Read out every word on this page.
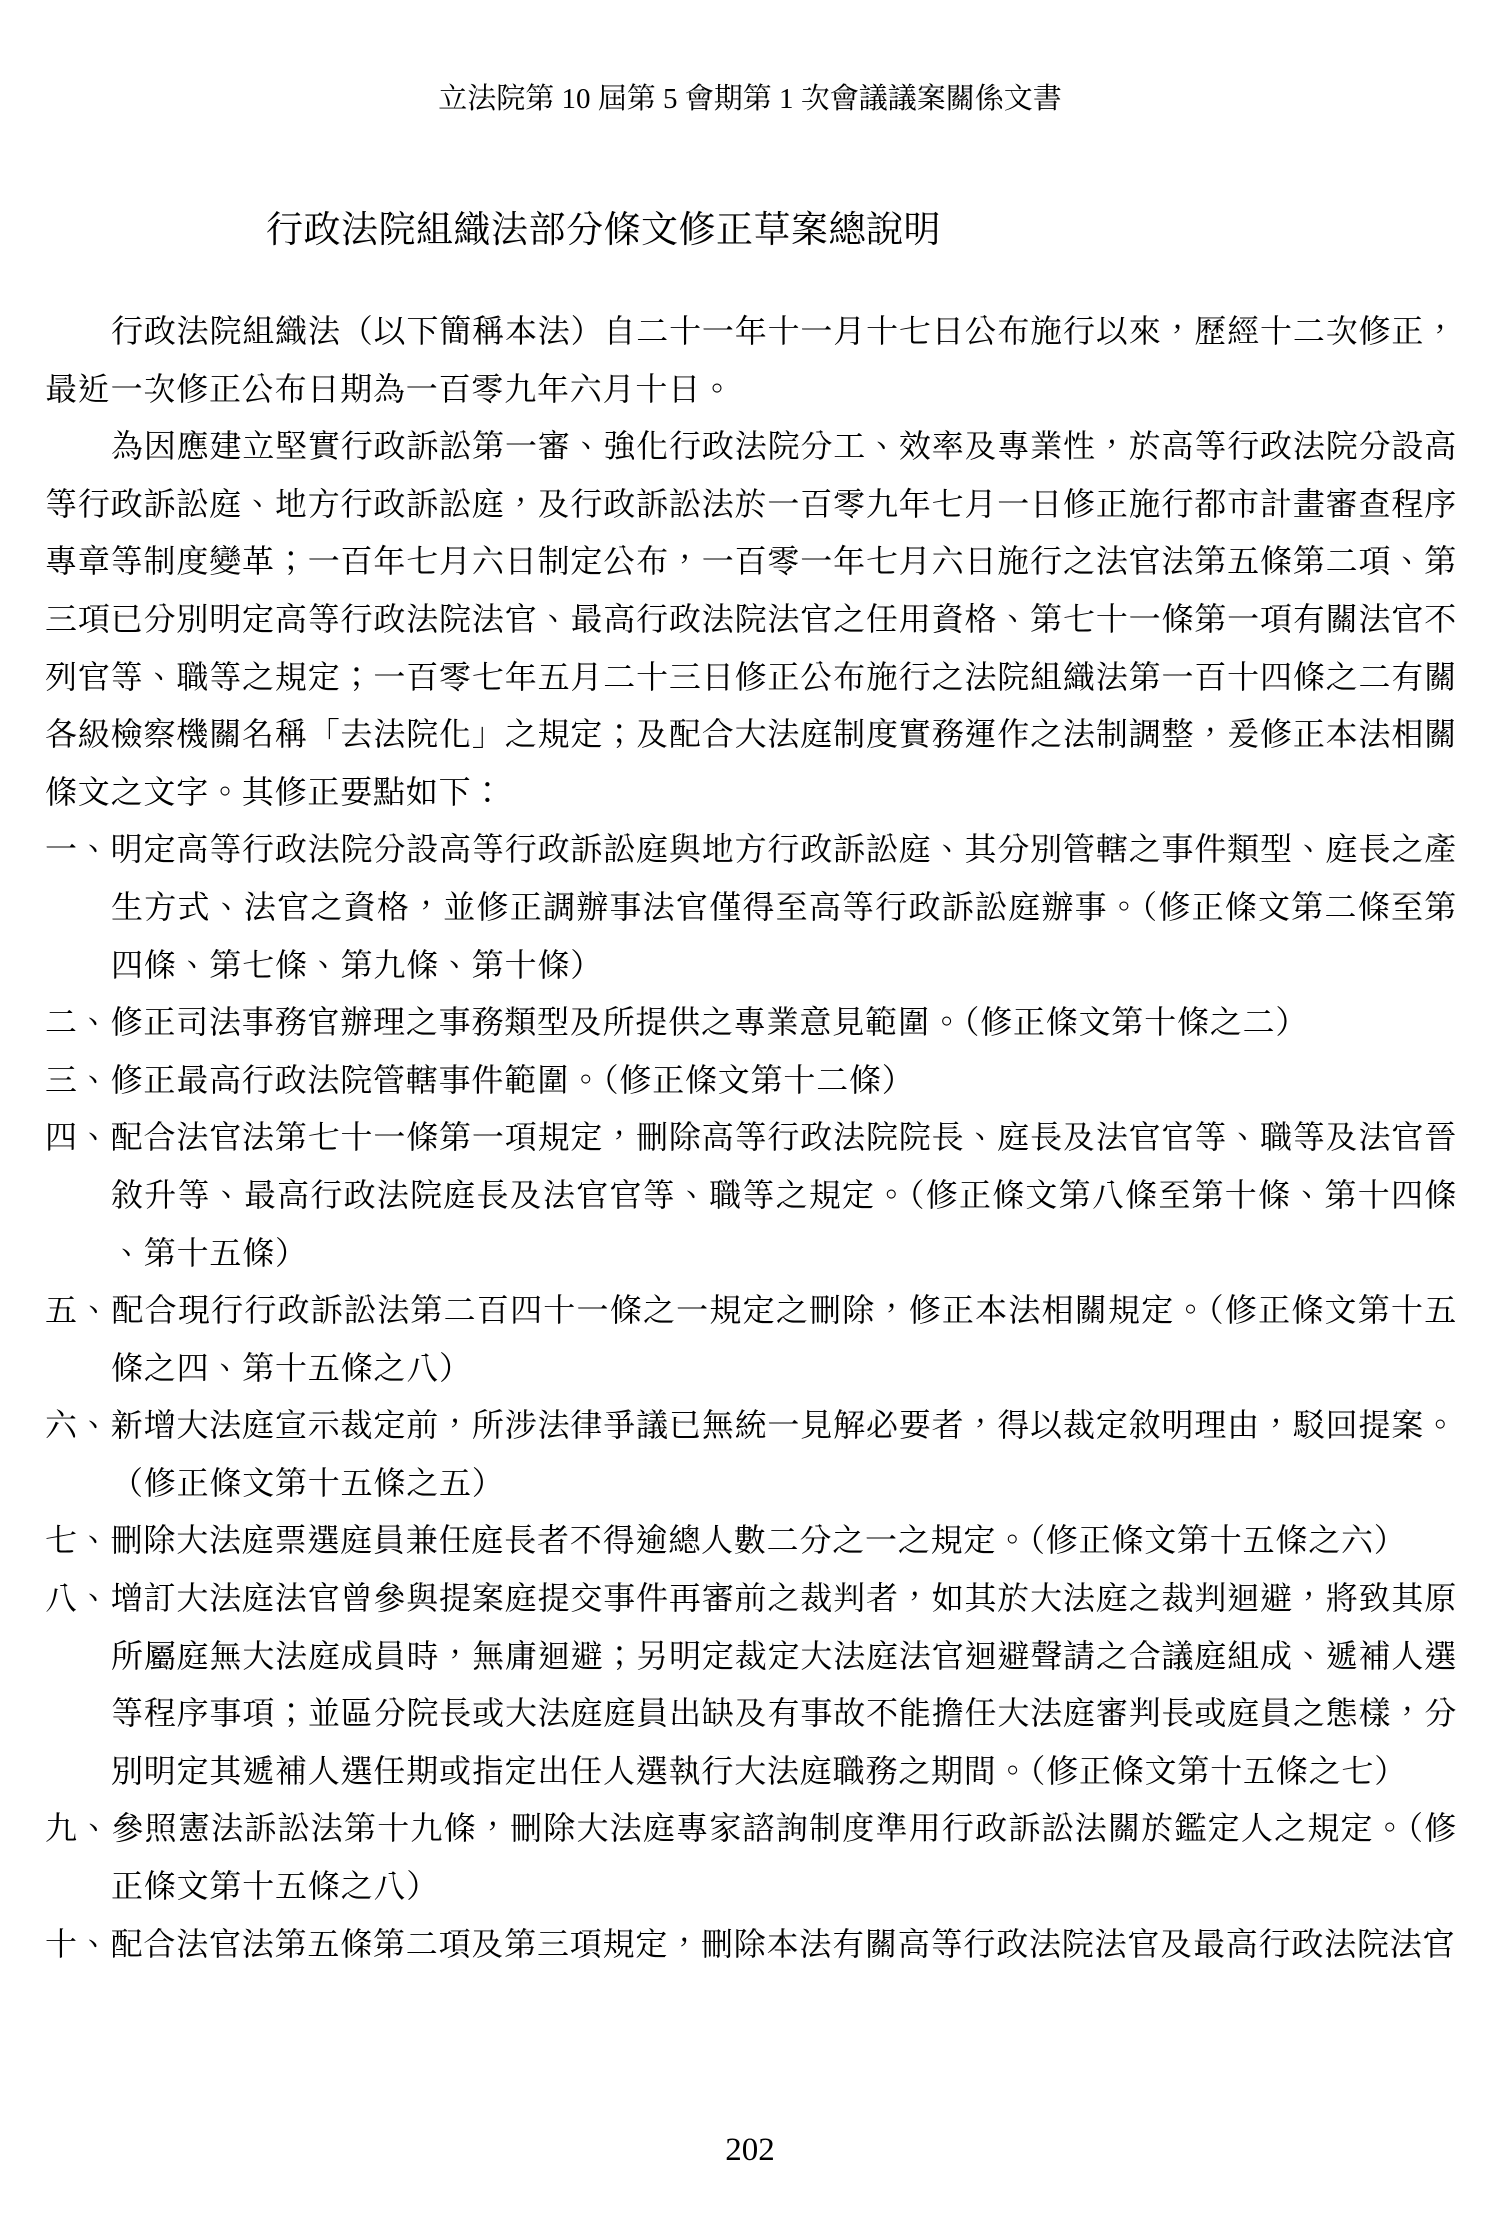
立法院第 10 屆第 5 會期第 1 次會議議案關係文書
行政法院組織法部分條文修正草案總說明

行政法院組織法（以下簡稱本法）自二十一年十一月十七日公布施行以來，歷經十二次修正，最近一次修正公布日期為一百零九年六月十日。

為因應建立堅實行政訴訟第一審、強化行政法院分工、效率及專業性，於高等行政法院分設高等行政訴訟庭、地方行政訴訟庭，及行政訴訟法於一百零九年七月一日修正施行都市計畫審查程序專章等制度變革；一百年七月六日制定公布，一百零一年七月六日施行之法官法第五條第二項、第三項已分別明定高等行政法院法官、最高行政法院法官之任用資格、第七十一條第一項有關法官不列官等、職等之規定；一百零七年五月二十三日修正公布施行之法院組織法第一百十四條之二有關各級檢察機關名稱「去法院化」之規定；及配合大法庭制度實務運作之法制調整，爰修正本法相關條文之文字。其修正要點如下：

一、明定高等行政法院分設高等行政訴訟庭與地方行政訴訟庭、其分別管轄之事件類型、庭長之產生方式、法官之資格，並修正調辦事法官僅得至高等行政訴訟庭辦事。（修正條文第二條至第四條、第七條、第九條、第十條）

二、修正司法事務官辦理之事務類型及所提供之專業意見範圍。（修正條文第十條之二）

三、修正最高行政法院管轄事件範圍。（修正條文第十二條）

四、配合法官法第七十一條第一項規定，刪除高等行政法院院長、庭長及法官官等、職等及法官晉敘升等、最高行政法院庭長及法官官等、職等之規定。（修正條文第八條至第十條、第十四條、第十五條）

五、配合現行行政訴訟法第二百四十一條之一規定之刪除，修正本法相關規定。（修正條文第十五條之四、第十五條之八）

六、新增大法庭宣示裁定前，所涉法律爭議已無統一見解必要者，得以裁定敘明理由，駁回提案。（修正條文第十五條之五）

七、刪除大法庭票選庭員兼任庭長者不得逾總人數二分之一之規定。（修正條文第十五條之六）

八、增訂大法庭法官曾參與提案庭提交事件再審前之裁判者，如其於大法庭之裁判迴避，將致其原所屬庭無大法庭成員時，無庸迴避；另明定裁定大法庭法官迴避聲請之合議庭組成、遞補人選等程序事項；並區分院長或大法庭庭員出缺及有事故不能擔任大法庭審判長或庭員之態樣，分別明定其遞補人選任期或指定出任人選執行大法庭職務之期間。（修正條文第十五條之七）

九、參照憲法訴訟法第十九條，刪除大法庭專家諮詢制度準用行政訴訟法關於鑑定人之規定。（修正條文第十五條之八）

十、配合法官法第五條第二項及第三項規定，刪除本法有關高等行政法院法官及最高行政法院法官

202
